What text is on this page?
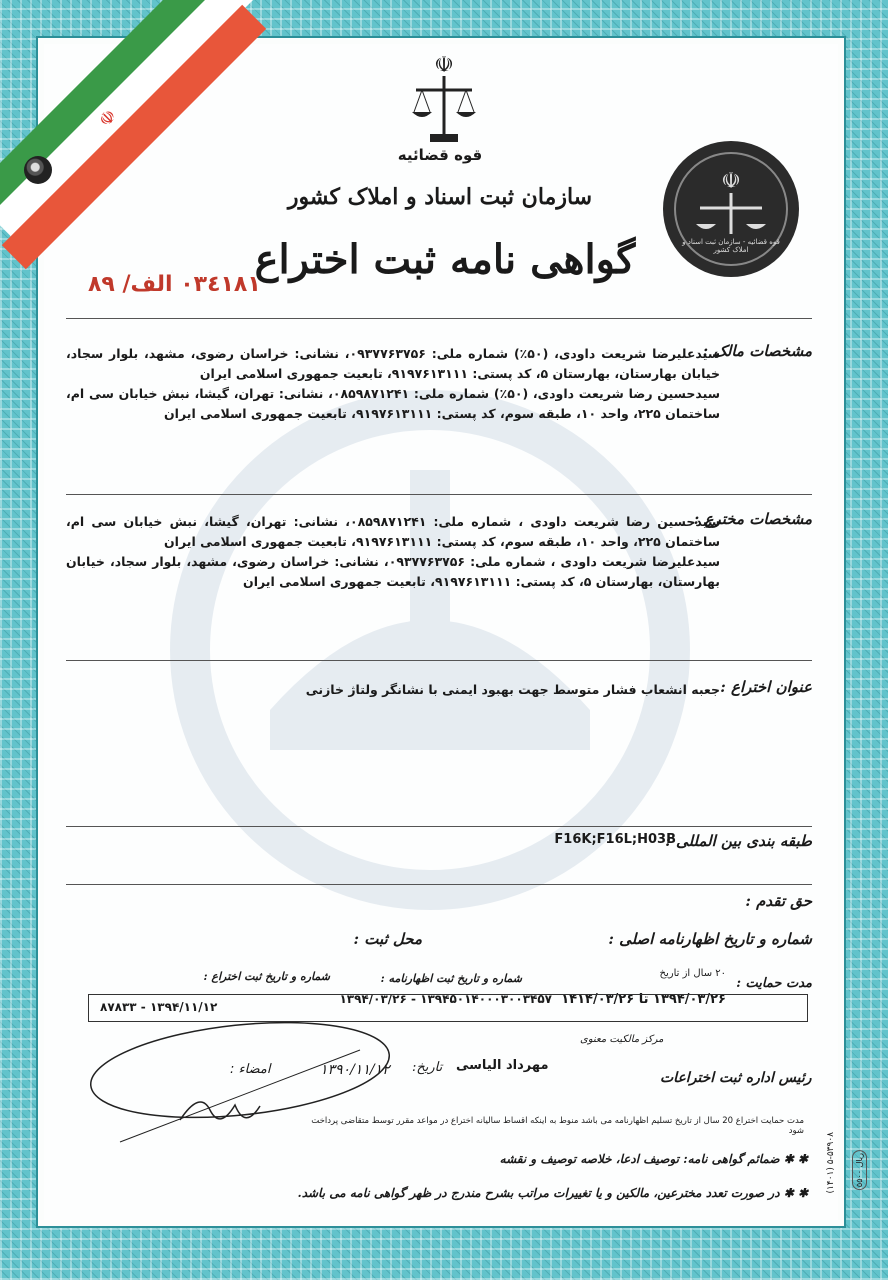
☫
☫
قوه قضائیه
سازمان ثبت اسناد و املاک کشور
گواهی نامه ثبت اختراع
٠٣٤١٨١ الف/ ٨٩
☫
قوه قضائیه - سازمان ثبت اسناد و املاک کشور
مشخصات مالک :

سیدعلیرضا شریعت داودی، (۵۰٪) شماره ملی: ۰۹۳۷۷۶۳۷۵۶، نشانی: خراسان رضوی، مشهد، بلوار سجاد، خیابان بهارستان، بهارستان ۵، کد پستی: ۹۱۹۷۶۱۳۱۱۱، تابعیت جمهوری اسلامی ایران

سیدحسین رضا شریعت داودی، (۵۰٪) شماره ملی: ۰۸۵۹۸۷۱۲۴۱، نشانی: تهران، گیشا، نبش خیابان سی ام، ساختمان ۲۲۵، واحد ۱۰، طبقه سوم، کد پستی: ۹۱۹۷۶۱۳۱۱۱، تابعیت جمهوری اسلامی ایران

مشخصات مخترع :

سیدحسین رضا شریعت داودی ، شماره ملی: ۰۸۵۹۸۷۱۲۴۱، نشانی: تهران، گیشا، نبش خیابان سی ام، ساختمان ۲۲۵، واحد ۱۰، طبقه سوم، کد پستی: ۹۱۹۷۶۱۳۱۱۱، تابعیت جمهوری اسلامی ایران

سیدعلیرضا شریعت داودی ، شماره ملی: ۰۹۳۷۷۶۳۷۵۶، نشانی: خراسان رضوی، مشهد، بلوار سجاد، خیابان بهارستان، بهارستان ۵، کد پستی: ۹۱۹۷۶۱۳۱۱۱، تابعیت جمهوری اسلامی ایران

عنوان اختراع :
جعبه انشعاب فشار متوسط جهت بهبود ایمنی با نشانگر ولتاژ خازنی
طبقه بندی بین المللی :
F16K;F16L;H03B
حق تقدم :
شماره و تاریخ اظهارنامه اصلی :
محل ثبت :
مدت حمایت :
۲۰ سال از تاریخ
۱۳۹۴/۰۳/۲۶ تا ۱۴۱۴/۰۳/۲۶
شماره و تاریخ ثبت اظهارنامه :
۱۳۹۴۵۰۱۴۰۰۰۳۰۰۳۴۵۷ - ۱۳۹۴/۰۳/۲۶
شماره و تاریخ ثبت اختراع :
۱۳۹۴/۱۱/۱۲ - ۸۷۸۳۳
مرکز مالکیت معنوی
رئیس اداره ثبت اختراعات
مهرداد الیاسی
تاریخ:
۱۳۹۰/۱۱/۱۲
امضاء :
مدت حمایت اختراع 20 سال از تاریخ تسلیم اظهارنامه می باشد منوط به اینکه اقساط سالیانه اختراع در مواعد مقرر توسط متقاضی پرداخت شود
✱ ✱ ضمائم گواهی نامه: توصیف ادعا، خلاصه توصیف و نقشه
✱ ✱ در صورت تعدد مخترعین، مالکین و یا تغییرات مراتب بشرح مندرج در ظهر گواهی نامه می باشد. (۱۴۰۱) ۵-۵۳۹۰۸	۵۵۰۰ ریال
